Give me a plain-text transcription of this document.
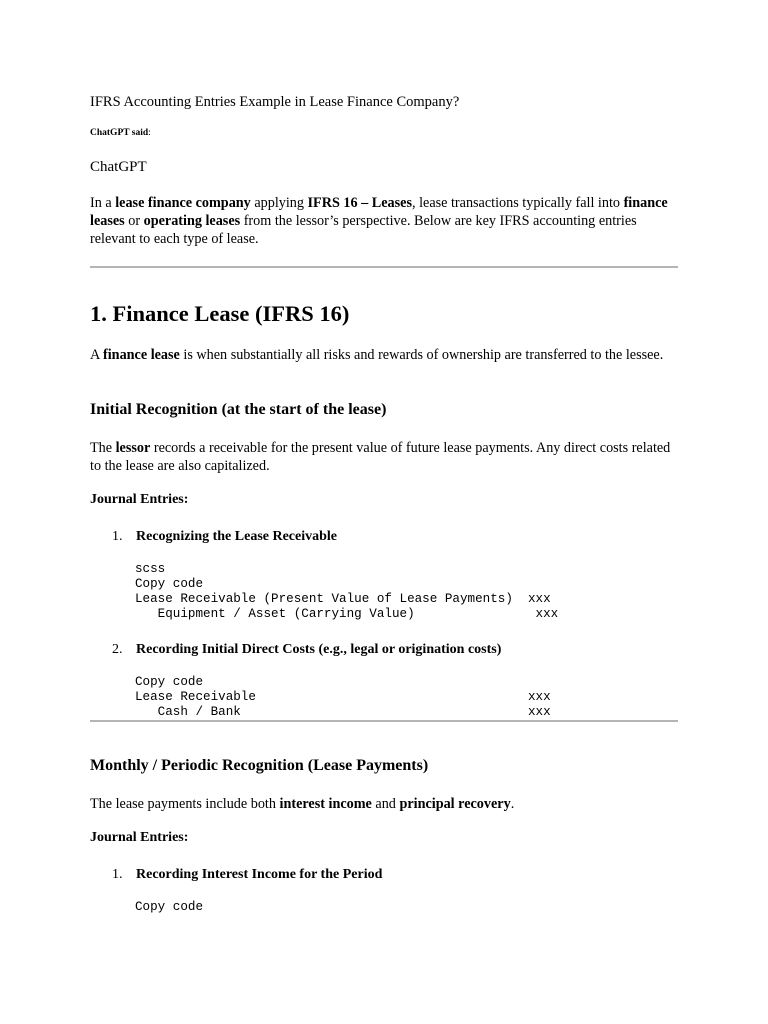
IFRS Accounting Entries Example in Lease Finance Company?
ChatGPT said:
ChatGPT
In a lease finance company applying IFRS 16 – Leases, lease transactions typically fall into finance leases or operating leases from the lessor’s perspective. Below are key IFRS accounting entries relevant to each type of lease.
1. Finance Lease (IFRS 16)
A finance lease is when substantially all risks and rewards of ownership are transferred to the lessee.
Initial Recognition (at the start of the lease)
The lessor records a receivable for the present value of future lease payments. Any direct costs related to the lease are also capitalized.
Journal Entries:
1. Recognizing the Lease Receivable
scss
Copy code
Lease Receivable (Present Value of Lease Payments)  xxx
Equipment / Asset (Carrying Value)                xxx
2. Recording Initial Direct Costs (e.g., legal or origination costs)
Copy code
Lease Receivable                                    xxx
Cash / Bank                                      xxx
Monthly / Periodic Recognition (Lease Payments)
The lease payments include both interest income and principal recovery.
Journal Entries:
1. Recording Interest Income for the Period
Copy code
